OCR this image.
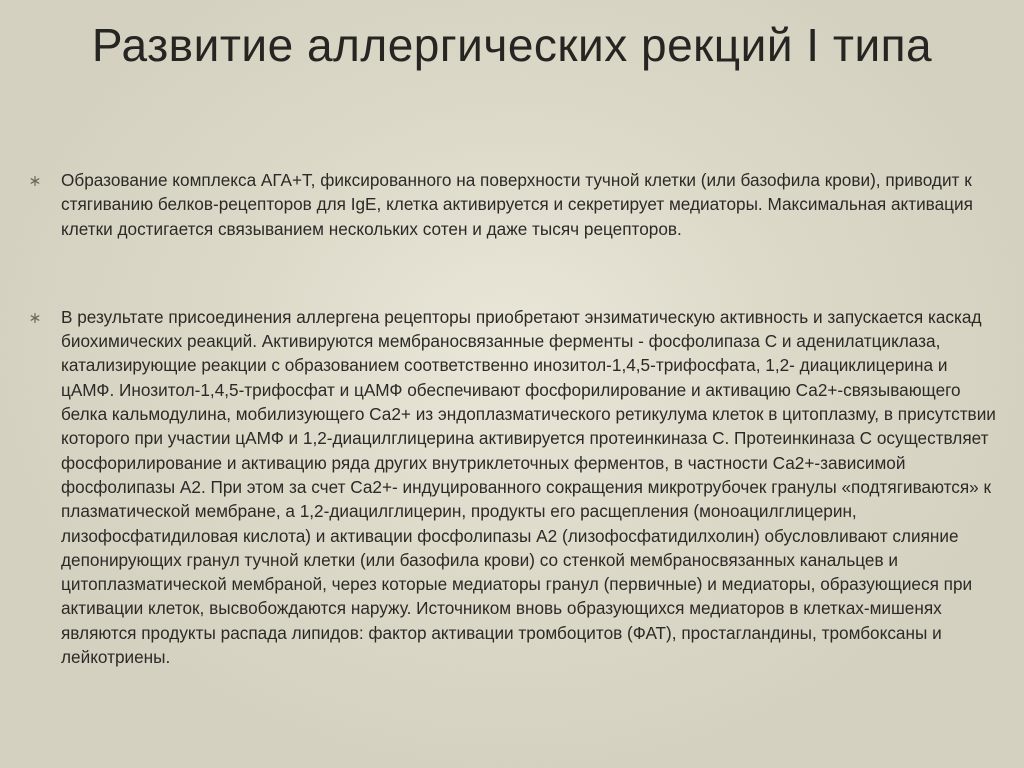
Развитие аллергических рекций I типа
Образование комплекса АГА+Т, фиксированного на поверхности тучной клетки (или базофила крови), приводит к стягиванию белков-рецепторов для IgE, клетка активируется и секретирует медиаторы. Максимальная активация клетки достигается связыванием нескольких сотен и даже тысяч рецепторов.
В результате присоединения аллергена рецепторы приобретают энзиматическую активность и запускается каскад биохимических реакций. Активируются мембраносвязанные ферменты - фосфолипаза С и аденилатциклаза, катализирующие реакции с образованием соответственно инозитол-1,4,5-трифосфата, 1,2- диациклицерина и цАМФ. Инозитол-1,4,5-трифосфат и цАМФ обеспечивают фосфорилирование и активацию Са2+-связывающего белка кальмодулина, мобилизующего Са2+ из эндоплазматического ретикулума клеток в цитоплазму, в присутствии которого при участии цАМФ и 1,2-диацилглицерина активируется протеинкиназа С. Протеинкиназа С осуществляет фосфорилирование и активацию ряда других внутриклеточных ферментов, в частности Са2+-зависимой фосфолипазы А2. При этом за счет Са2+- индуцированного сокращения микротрубочек гранулы «подтягиваются» к плазматической мембране, а 1,2-диацилглицерин, продукты его расщепления (моноацилглицерин, лизофосфатидиловая кислота) и активации фосфолипазы А2 (лизофосфатидилхолин) обусловливают слияние депонирующих гранул тучной клетки (или базофила крови) со стенкой мембраносвязанных канальцев и цитоплазматической мембраной, через которые медиаторы гранул (первичные) и медиаторы, образующиеся при активации клеток, высвобождаются наружу. Источником вновь образующихся медиаторов в клетках-мишенях являются продукты распада липидов: фактор активации тромбоцитов (ФАТ), простагландины, тромбоксаны и лейкотриены.
